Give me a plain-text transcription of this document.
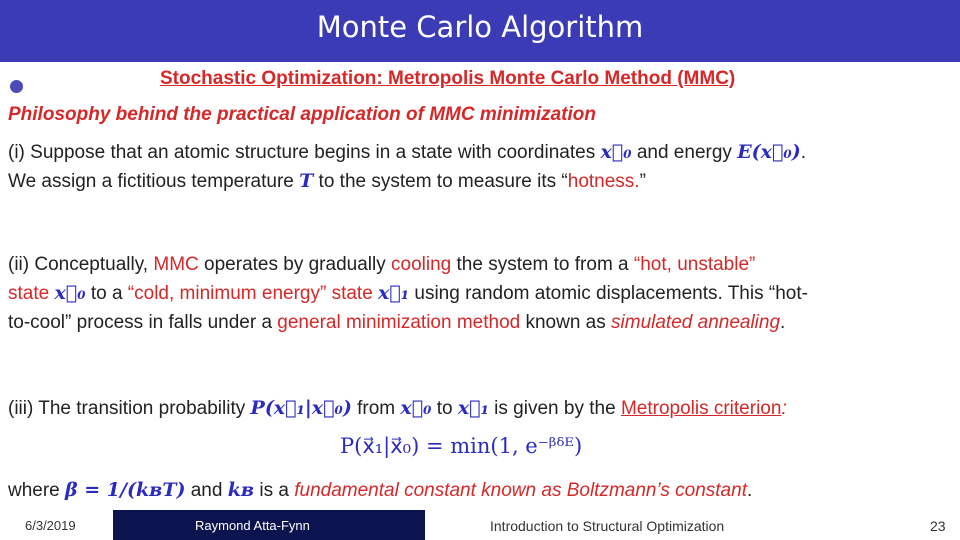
Monte Carlo Algorithm
Stochastic Optimization: Metropolis Monte Carlo Method (MMC)
Philosophy behind the practical application of MMC minimization
(i) Suppose that an atomic structure begins in a state with coordinates x⃗₀ and energy E(x⃗₀).
We assign a fictitious temperature T to the system to measure its “hotness.”
(ii) Conceptually, MMC operates by gradually cooling the system to from a “hot, unstable”
state x⃗₀ to a “cold, minimum energy” state x⃗₁ using random atomic displacements. This “hot-
to-cool” process in falls under a general minimization method known as simulated annealing.
(iii) The transition probability P(x⃗₁|x⃗₀) from x⃗₀ to x⃗₁ is given by the Metropolis criterion:
P(x⃗₁|x⃗₀) = min(1, e⁻ᵝᵟᴱ)
where β = 1/(kʙT) and kʙ is a fundamental constant known as Boltzmann’s constant.
6/3/2019	Raymond Atta-Fynn	Introduction to Structural Optimization	23
